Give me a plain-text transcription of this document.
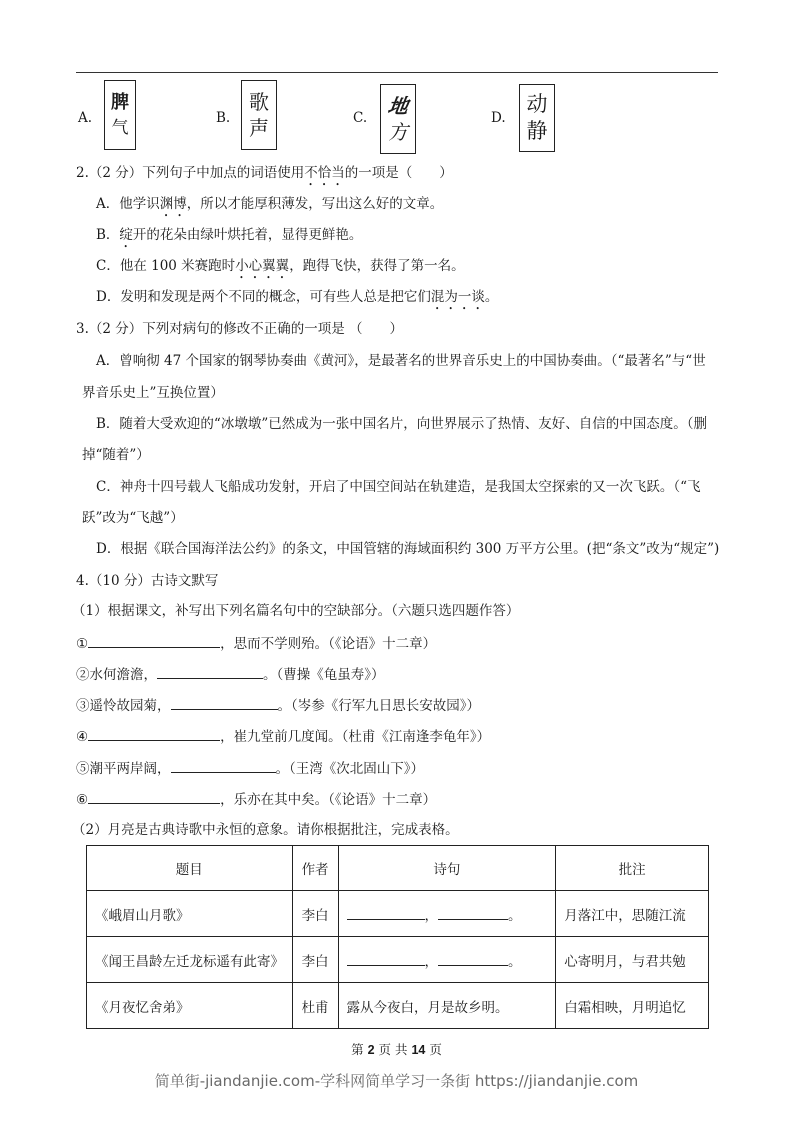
A.
脾
气	B.
歌
声	C. 地
方
D.
动
静
2.（2 分）下列句子中加点的词语使用不恰当的一项是（　　）
A．他学识渊博，所以才能厚积薄发，写出这么好的文章。
B．绽开的花朵由绿叶烘托着，显得更鲜艳。
C．他在 100 米赛跑时小心翼翼，跑得飞快，获得了第一名。
D．发明和发现是两个不同的概念，可有些人总是把它们混为一谈。
3.（2 分）下列对病句的修改不正确的一项是 （　　）
A．曾响彻 47 个国家的钢琴协奏曲《黄河》，是最著名的世界音乐史上的中国协奏曲。（“最著名”与“世
界音乐史上”互换位置）
B．随着大受欢迎的“冰墩墩”已然成为一张中国名片，向世界展示了热情、友好、自信的中国态度。（删
掉“随着”）
C．神舟十四号载人飞船成功发射，开启了中国空间站在轨建造，是我国太空探索的又一次飞跃。（“飞
跃”改为“飞越”）
D．根据《联合国海洋法公约》的条文，中国管辖的海域面积约 300 万平方公里。(把“条文”改为“规定”)
4.（10 分）古诗文默写
（1）根据课文，补写出下列名篇名句中的空缺部分。（六题只选四题作答）
①	，思而不学则殆。（《论语》十二章）
②水何澹澹，	。（曹操《龟虽寿》）
③遥怜故园菊，	。（岑参《行军九日思长安故园》）
④	，崔九堂前几度闻。（杜甫《江南逢李龟年》）
⑤潮平两岸阔，	。（王湾《次北固山下》）
⑥	，乐亦在其中矣。（《论语》十二章）
（2）月亮是古典诗歌中永恒的意象。请你根据批注，完成表格。
题目	作者	诗句	批注
《峨眉山月歌》	李白	， 。	月落江中，思随江流
《闻王昌龄左迁龙标遥有此寄》	李白	， 。	心寄明月，与君共勉
《月夜忆舍弟》	杜甫	露从今夜白，月是故乡明。	白霜相映，月明追忆
第 2 页 共 14 页
简单街-jiandanjie.com-学科网简单学习一条街 https://jiandanjie.com
